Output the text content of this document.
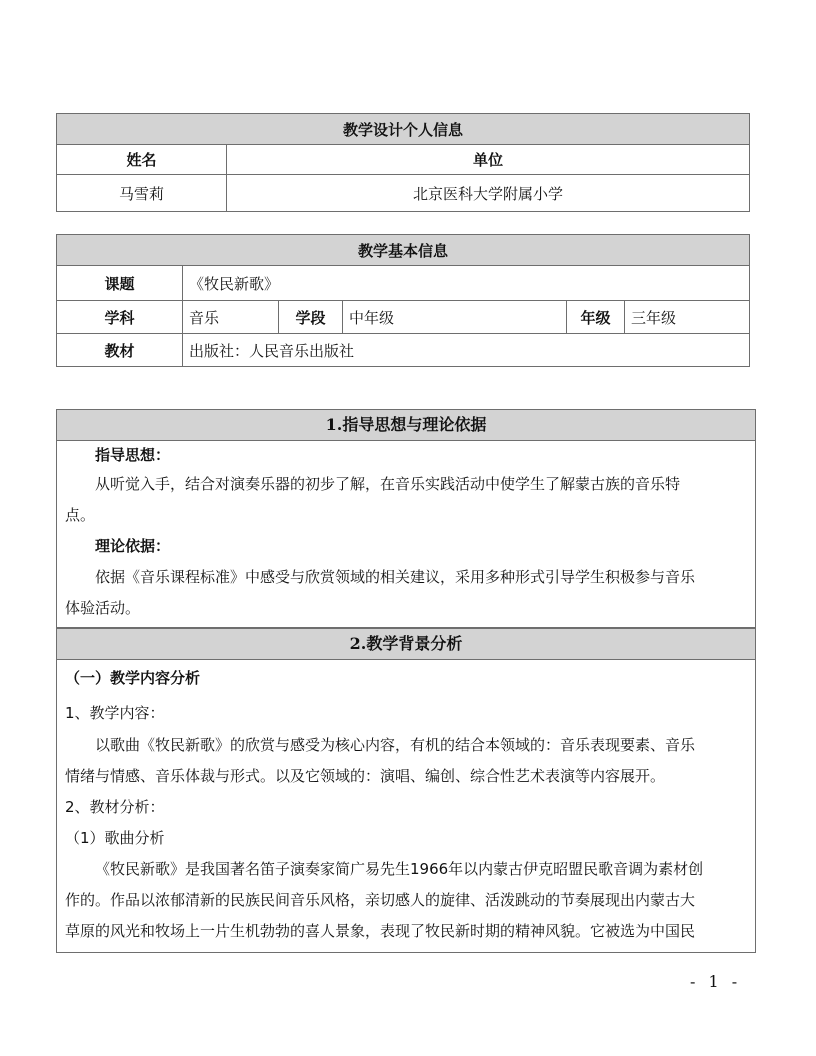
教学设计个人信息	
姓名	单位
马雪莉	北京医科大学附属小学
教学基本信息					
课题	《牧民新歌》				
学科	音乐	学段	中年级	年级	三年级
教材	出版社：人民音乐出版社				
1.指导思想与理论依据
指导思想：
从听觉入手，结合对演奏乐器的初步了解，在音乐实践活动中使学生了解蒙古族的音乐特
点。
理论依据：
依据《音乐课程标准》中感受与欣赏领域的相关建议，采用多种形式引导学生积极参与音乐
体验活动。
2.教学背景分析
（一）教学内容分析
1、教学内容：
以歌曲《牧民新歌》的欣赏与感受为核心内容，有机的结合本领域的：音乐表现要素、音乐
情绪与情感、音乐体裁与形式。以及它领域的：演唱、编创、综合性艺术表演等内容展开。
2、教材分析：
（1）歌曲分析
《牧民新歌》是我国著名笛子演奏家简广易先生1966年以内蒙古伊克昭盟民歌音调为素材创
作的。作品以浓郁清新的民族民间音乐风格，亲切感人的旋律、活泼跳动的节奏展现出内蒙古大
草原的风光和牧场上一片生机勃勃的喜人景象，表现了牧民新时期的精神风貌。它被选为中国民
- 1 -
